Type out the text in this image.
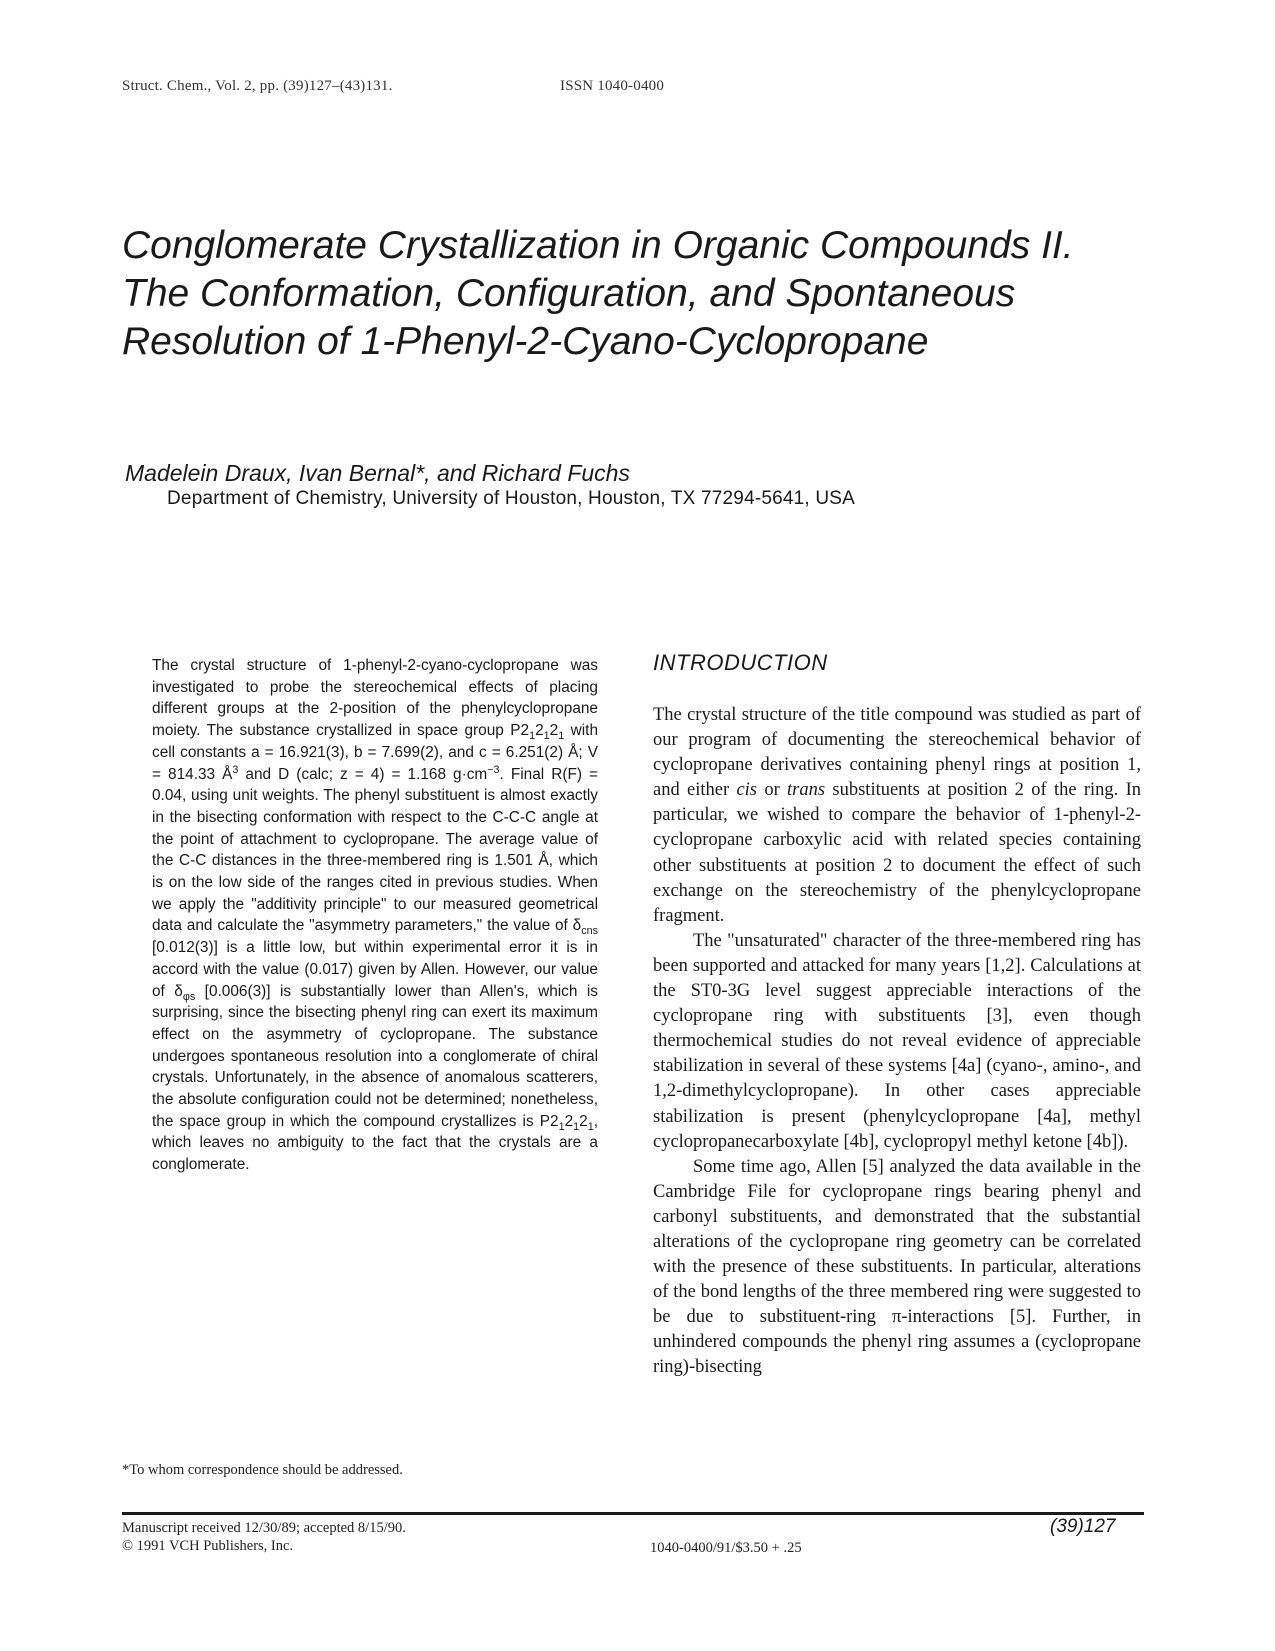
Struct. Chem., Vol. 2, pp. (39)127–(43)131.	ISSN 1040-0400
Conglomerate Crystallization in Organic Compounds II. The Conformation, Configuration, and Spontaneous Resolution of 1-Phenyl-2-Cyano-Cyclopropane
Madelein Draux, Ivan Bernal*, and Richard Fuchs
Department of Chemistry, University of Houston, Houston, TX 77294-5641, USA

The crystal structure of 1-phenyl-2-cyano-cyclopropane was investigated to probe the stereochemical effects of placing different groups at the 2-position of the phenylcyclopropane moiety. The substance crystallized in space group $P2_12_12_1$ with cell constants a = 16.921(3), b = 7.699(2), and c = 6.251(2) Å; V = 814.33 $Å^3$ and D (calc; z = 4) = 1.168 $g\cdot cm^{-3}$. Final R(F) = 0.04, using unit weights. The phenyl substituent is almost exactly in the bisecting conformation with respect to the C-C-C angle at the point of attachment to cyclopropane. The average value of the C-C distances in the three-membered ring is 1.501 Å, which is on the low side of the ranges cited in previous studies. When we apply the "additivity principle" to our measured geometrical data and calculate the "asymmetry parameters," the value of $\delta_{cns}$ [0.012(3)] is a little low, but within experimental error it is in accord with the value (0.017) given by Allen. However, our value of $\delta_{\varphi s}$ [0.006(3)] is substantially lower than Allen's, which is surprising, since the bisecting phenyl ring can exert its maximum effect on the asymmetry of cyclopropane. The substance undergoes spontaneous resolution into a conglomerate of chiral crystals. Unfortunately, in the absence of anomalous scatterers, the absolute configuration could not be determined; nonetheless, the space group in which the compound crystallizes is $P2_12_12_1$, which leaves no ambiguity to the fact that the crystals are a conglomerate.

*To whom correspondence should be addressed.
INTRODUCTION

The crystal structure of the title compound was studied as part of our program of documenting the stereochemical behavior of cyclopropane derivatives containing phenyl rings at position 1, and either cis or trans substituents at position 2 of the ring. In particular, we wished to compare the behavior of 1-phenyl-2-cyclopropane carboxylic acid with related species containing other substituents at position 2 to document the effect of such exchange on the stereochemistry of the phenylcyclopropane fragment.

The "unsaturated" character of the three-membered ring has been supported and attacked for many years [1,2]. Calculations at the ST0-3G level suggest appreciable interactions of the cyclopropane ring with substituents [3], even though thermochemical studies do not reveal evidence of appreciable stabilization in several of these systems [4a] (cyano-, amino-, and 1,2-dimethylcyclopropane). In other cases appreciable stabilization is present (phenylcyclopropane [4a], methyl cyclopropanecarboxylate [4b], cyclopropyl methyl ketone [4b]).

Some time ago, Allen [5] analyzed the data available in the Cambridge File for cyclopropane rings bearing phenyl and carbonyl substituents, and demonstrated that the substantial alterations of the cyclopropane ring geometry can be correlated with the presence of these substituents. In particular, alterations of the bond lengths of the three membered ring were suggested to be due to substituent-ring π-interactions [5]. Further, in unhindered compounds the phenyl ring assumes a (cyclopropane ring)-bisecting

Manuscript received 12/30/89; accepted 8/15/90.
© 1991 VCH Publishers, Inc.	1040-0400/91/$3.50 + .25
(39)127
